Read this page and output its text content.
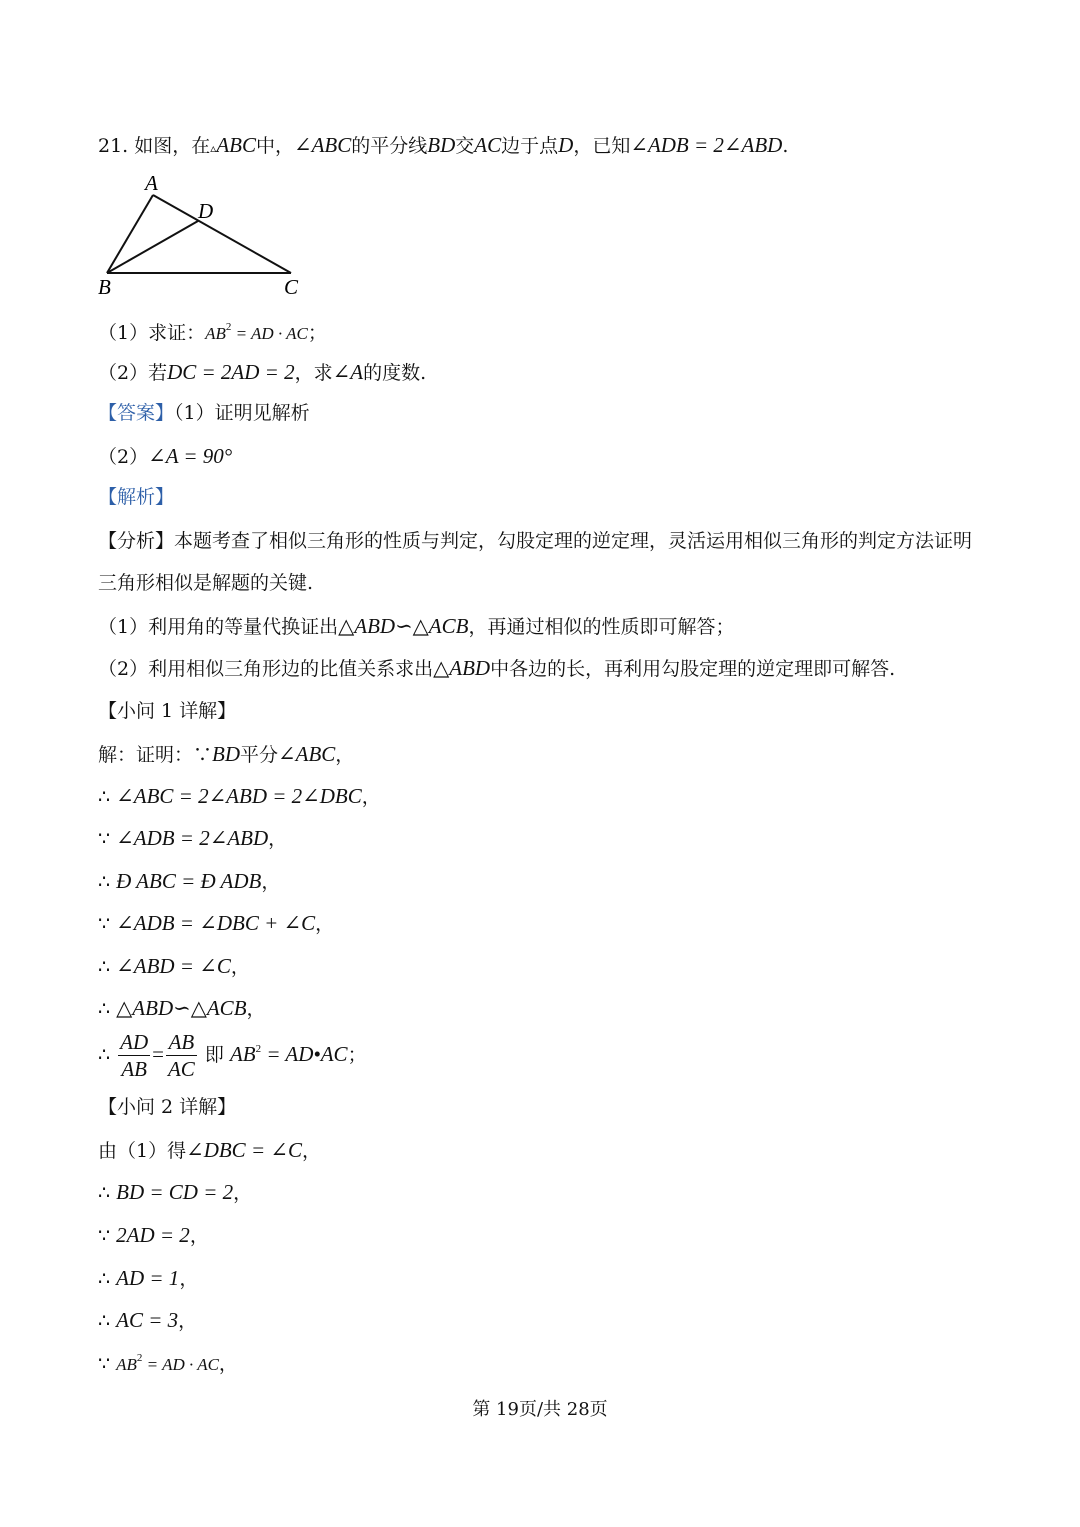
21. 如图，在▵ABC中，∠ABC的平分线BD交AC边于点D，已知∠ADB = 2∠ABD.
A
D
B	C
（1）求证：$AB^2$ = AD · AC；
（2）若DC = 2AD = 2，求∠A的度数.
【答案】（1）证明见解析
（2）∠A = 90°
【解析】
【分析】本题考查了相似三角形的性质与判定，勾股定理的逆定理，灵活运用相似三角形的判定方法证明
三角形相似是解题的关键.
（1）利用角的等量代换证出△ABD∽△ACB，再通过相似的性质即可解答；
（2）利用相似三角形边的比值关系求出△ABD中各边的长，再利用勾股定理的逆定理即可解答.
【小问 1 详解】
解：证明：∵BD平分∠ABC，
∴ ∠ABC = 2∠ABD = 2∠DBC，
∵ ∠ADB = 2∠ABD，
∴ Ð ABC = Ð ADB，
∵ ∠ADB = ∠DBC + ∠C，
∴ ∠ABD = ∠C，
∴ △ABD∽△ACB，
∴ $\frac{AD}{AB} = \frac{AB}{AC}$ 即 $AB^2$ = AD•AC；
【小问 2 详解】
由（1）得∠DBC = ∠C，
∴ BD = CD = 2，
∵ 2AD = 2，
∴ AD = 1，
∴ AC = 3，
∵ $AB^2$ = AD · AC，
第 19页/共 28页
